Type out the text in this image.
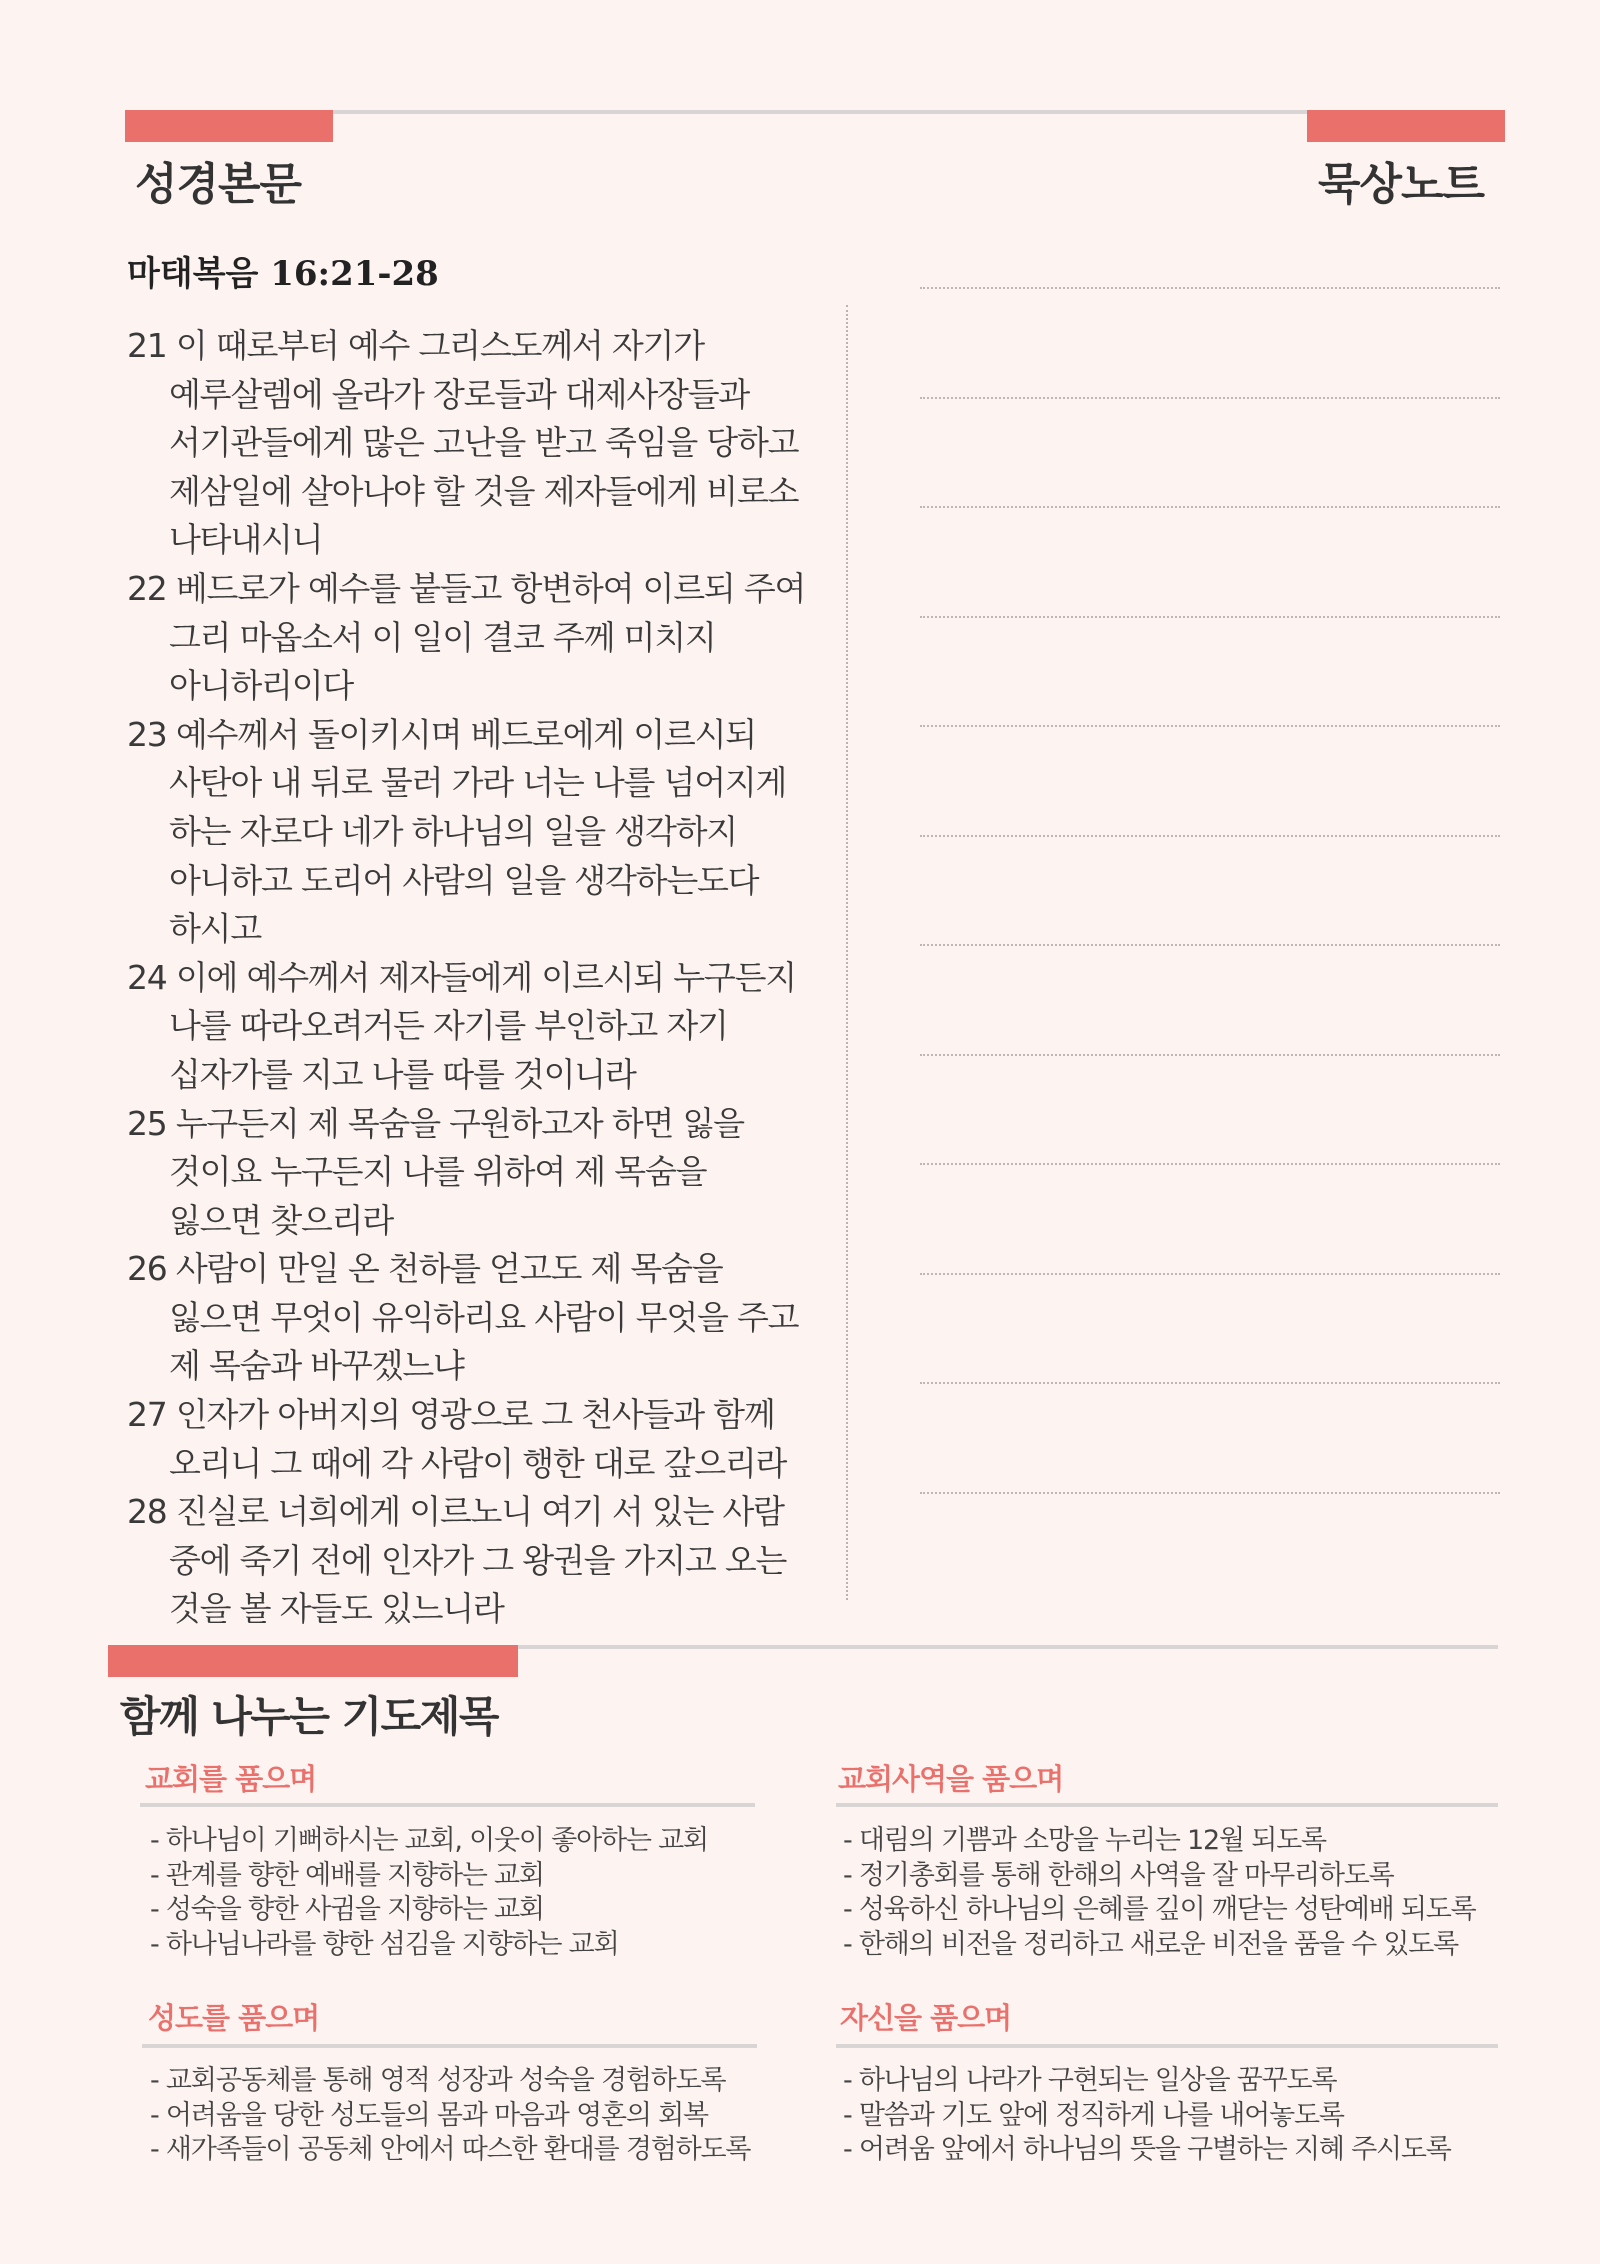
성경본문	묵상노트
마태복음 16:21-28

21 이 때로부터 예수 그리스도께서 자기가 예루살렘에 올라가 장로들과 대제사장들과 서기관들에게 많은 고난을 받고 죽임을 당하고 제삼일에 살아나야 할 것을 제자들에게 비로소 나타내시니

22 베드로가 예수를 붙들고 항변하여 이르되 주여 그리 마옵소서 이 일이 결코 주께 미치지 아니하리이다

23 예수께서 돌이키시며 베드로에게 이르시되 사탄아 내 뒤로 물러 가라 너는 나를 넘어지게 하는 자로다 네가 하나님의 일을 생각하지 아니하고 도리어 사람의 일을 생각하는도다 하시고

24 이에 예수께서 제자들에게 이르시되 누구든지 나를 따라오려거든 자기를 부인하고 자기 십자가를 지고 나를 따를 것이니라

25 누구든지 제 목숨을 구원하고자 하면 잃을 것이요 누구든지 나를 위하여 제 목숨을 잃으면 찾으리라

26 사람이 만일 온 천하를 얻고도 제 목숨을 잃으면 무엇이 유익하리요 사람이 무엇을 주고 제 목숨과 바꾸겠느냐

27 인자가 아버지의 영광으로 그 천사들과 함께 오리니 그 때에 각 사람이 행한 대로 갚으리라

28 진실로 너희에게 이르노니 여기 서 있는 사람 중에 죽기 전에 인자가 그 왕권을 가지고 오는 것을 볼 자들도 있느니라

함께 나누는 기도제목
교회를 품으며
- 하나님이 기뻐하시는 교회, 이웃이 좋아하는 교회
- 관계를 향한 예배를 지향하는 교회
- 성숙을 향한 사귐을 지향하는 교회
- 하나님나라를 향한 섬김을 지향하는 교회
교회사역을 품으며
- 대림의 기쁨과 소망을 누리는 12월 되도록
- 정기총회를 통해 한해의 사역을 잘 마무리하도록
- 성육하신 하나님의 은혜를 깊이 깨닫는 성탄예배 되도록
- 한해의 비전을 정리하고 새로운 비전을 품을 수 있도록
성도를 품으며
- 교회공동체를 통해 영적 성장과 성숙을 경험하도록
- 어려움을 당한 성도들의 몸과 마음과 영혼의 회복
- 새가족들이 공동체 안에서 따스한 환대를 경험하도록
자신을 품으며
- 하나님의 나라가 구현되는 일상을 꿈꾸도록
- 말씀과 기도 앞에 정직하게 나를 내어놓도록
- 어려움 앞에서 하나님의 뜻을 구별하는 지혜 주시도록
